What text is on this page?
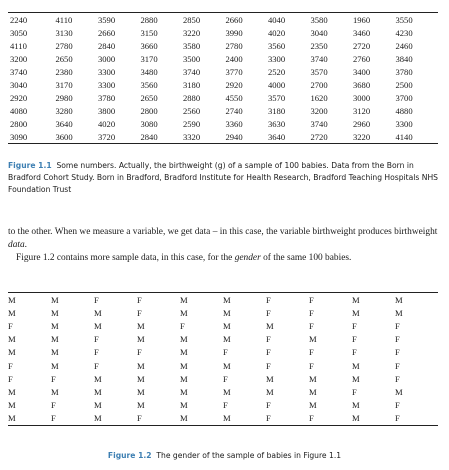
2240	4110	3590	2880	2850	2660	4040	3580	1960	3550
3050	3130	2660	3150	3220	3990	4020	3040	3460	4230
4110	2780	2840	3660	3580	2780	3560	2350	2720	2460
3200	2650	3000	3170	3500	2400	3300	3740	2760	3840
3740	2380	3300	3480	3740	3770	2520	3570	3400	3780
3040	3170	3300	3560	3180	2920	4000	2700	3680	2500
2920	2980	3780	2650	2880	4550	3570	1620	3000	3700
4080	3280	3800	2800	2560	2740	3180	3200	3120	4880
2800	3640	4020	3080	2590	3360	3630	3740	2960	3300
3090	3600	3720	2840	3320	2940	3640	2720	3220	4140
Figure 1.1 Some numbers. Actually, the birthweight (g) of a sample of 100 babies. Data from the Born in Bradford Cohort Study. Born in Bradford, Bradford Institute for Health Research, Bradford Teaching Hospitals NHS Foundation Trust

to the other. When we measure a variable, we get data – in this case, the variable birthweight produces birthweight data.

Figure 1.2 contains more sample data, in this case, for the gender of the same 100 babies.

M	M	F	F	M	M	F	F	M	M
M	M	M	F	M	M	F	F	M	M
F	M	M	M	F	M	M	F	F	F
M	M	F	M	M	M	F	M	F	F
M	M	F	F	M	F	F	F	F	F
F	M	F	M	M	M	F	F	M	F
F	F	M	M	M	F	M	M	M	F
M	M	M	M	M	M	M	M	F	M
M	F	M	M	M	F	F	M	M	F
M	F	M	F	M	M	F	F	M	F
Figure 1.2 The gender of the sample of babies in Figure 1.1
